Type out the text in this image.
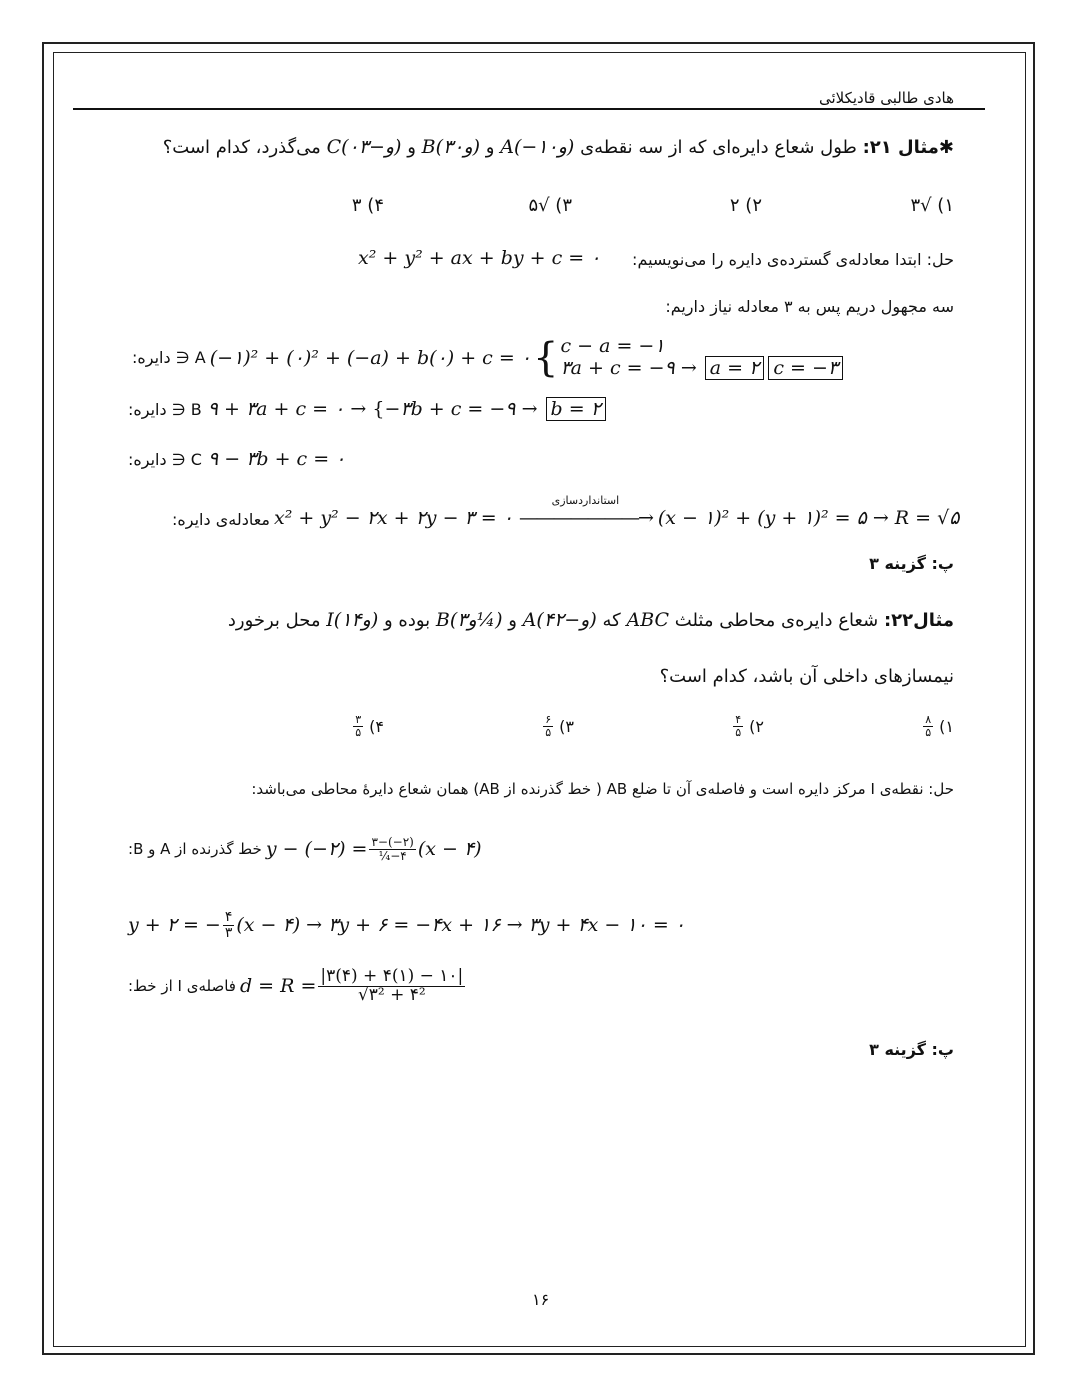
هادی طالبی قادیکلائی
✱مثال ۲۱: طول شعاع دایره‌ای که از سه نقطه‌ی A(−۱و۰) و B(۳و۰) و C(۰و−۳) می‌گذرد، کدام است؟
۱) √۳
۲) ۲
۳) √۵
۴) ۳
حل: ابتدا معادله‌ی گسترده‌ی دایره را می‌نویسیم:
x² + y² + ax + by + c = ۰
سه مجهول دریم پس به ۳ معادله نیاز داریم:
A ∈ دایره: (−۱)² + (۰)² + (−a) + b(۰) + c = ۰ { c − a = −۱
۳a + c = −۹ → a = ۲ c = −۳
B ∈ دایره: ۹ + ۳a + c = ۰ → {−۳b + c = −۹ → b = ۲
C ∈ دایره: ۹ − ۳b + c = ۰
معادله‌ی دایره: x² + y² − ۲x + ۲y − ۳ = ۰
استانداردسازی
———————→ (x − ۱)² + (y + ۱)² = ۵ → R = √۵
پ: گزینه ۳
مثال۲۲: شعاع دایره‌ی محاطی مثلث ABC که A(۴و−۲) و B(۳و¼) بوده و I(۱و۴) محل برخورد
نیمسازهای داخلی آن باشد، کدام است؟
۱)
$\frac{۸}{۵}$
۲)
$\frac{۴}{۵}$
۳)
$\frac{۶}{۵}$
۴)
$\frac{۳}{۵}$
حل: نقطه‌ی I مرکز دایره است و فاصله‌ی آن تا ضلع AB ( خط گذرنده از AB) همان شعاع دایرهٔ محاطی می‌باشد:
خط گذرنده از A و B: y − (−۲) = $\frac{۳-(-۲)}{\text{¼−۴}} (x$ − ۴)
y + ۲ = − $\frac{۴}{۳} (x$ − ۴) → ۳y + ۶ = −۴x + ۱۶ → ۳y + ۴x − ۱۰ = ۰
فاصله‌ی I از خط: $d = R = \frac{|۳(۴) + ۴(۱) - ۱۰|}{\text{√۳² + ۴²}}$
پ: گزینه ۳
۱۶
